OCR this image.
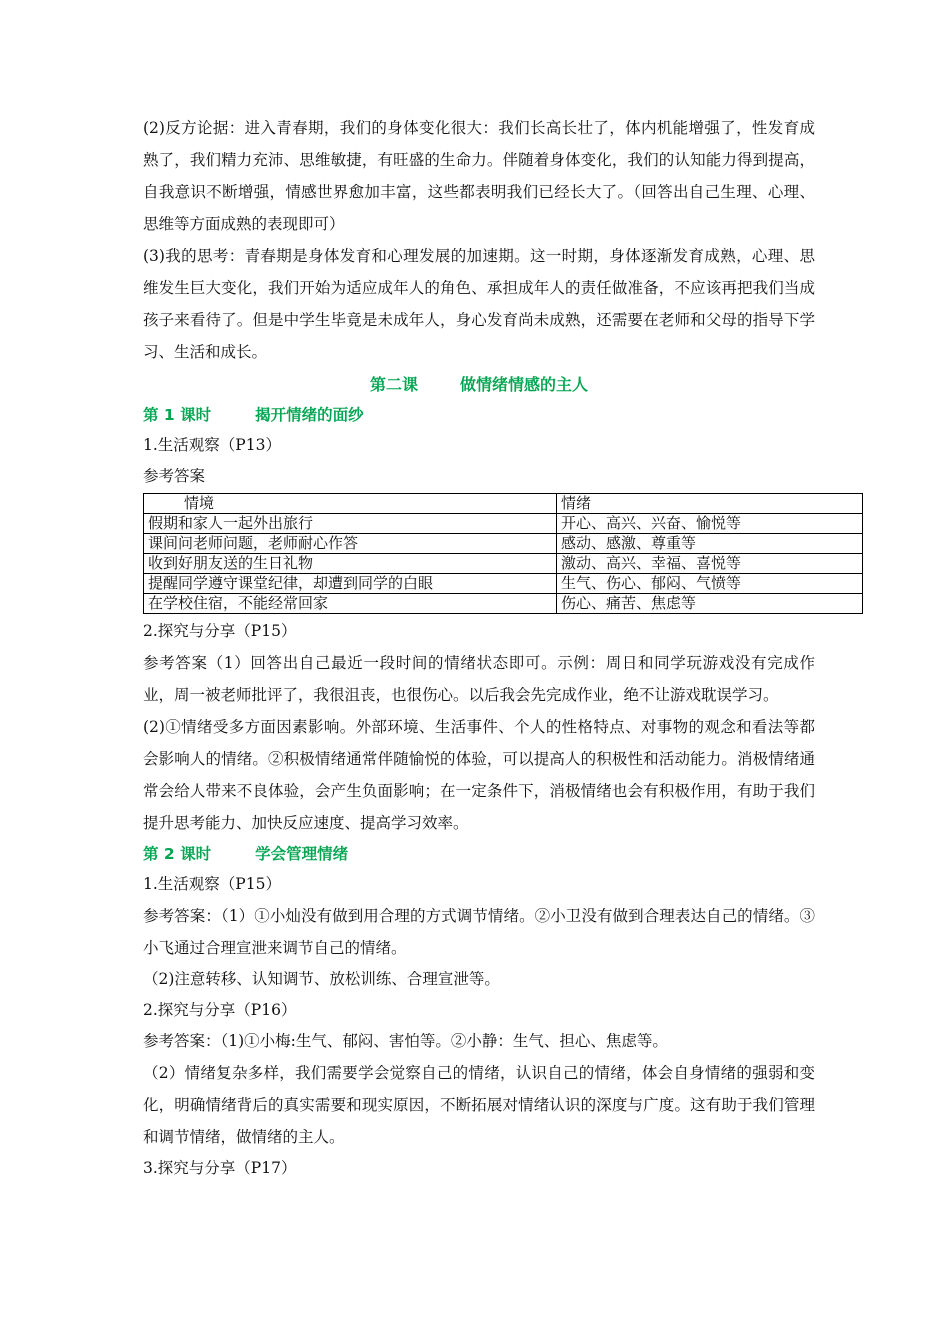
(2)反方论据：进入青春期，我们的身体变化很大：我们长高长壮了，体内机能增强了，性发育成熟了，我们精力充沛、思维敏捷，有旺盛的生命力。伴随着身体变化，我们的认知能力得到提高，自我意识不断增强，情感世界愈加丰富，这些都表明我们已经长大了。（回答出自己生理、心理、思维等方面成熟的表现即可）

(3)我的思考：青春期是身体发育和心理发展的加速期。这一时期，身体逐渐发育成熟，心理、思维发生巨大变化，我们开始为适应成年人的角色、承担成年人的责任做准备，不应该再把我们当成孩子来看待了。但是中学生毕竟是未成年人，身心发育尚未成熟，还需要在老师和父母的指导下学习、生活和成长。

第二课	做情绪情感的主人

第 1 课时	揭开情绪的面纱

1.生活观察（P13）

参考答案

情境	情绪
假期和家人一起外出旅行	开心、高兴、兴奋、愉悦等
课间问老师问题，老师耐心作答	感动、感激、尊重等
收到好朋友送的生日礼物	激动、高兴、幸福、喜悦等
提醒同学遵守课堂纪律，却遭到同学的白眼	生气、伤心、郁闷、气愤等
在学校住宿，不能经常回家	伤心、痛苦、焦虑等

2.探究与分享（P15）

参考答案（1）回答出自己最近一段时间的情绪状态即可。示例：周日和同学玩游戏没有完成作业，周一被老师批评了，我很沮丧，也很伤心。以后我会先完成作业，绝不让游戏耽误学习。

(2)①情绪受多方面因素影响。外部环境、生活事件、个人的性格特点、对事物的观念和看法等都会影响人的情绪。②积极情绪通常伴随愉悦的体验，可以提高人的积极性和活动能力。消极情绪通常会给人带来不良体验，会产生负面影响；在一定条件下，消极情绪也会有积极作用，有助于我们提升思考能力、加快反应速度、提高学习效率。

第 2 课时	学会管理情绪

1.生活观察（P15）

参考答案：（1）①小灿没有做到用合理的方式调节情绪。②小卫没有做到合理表达自己的情绪。③小飞通过合理宣泄来调节自己的情绪。

（2)注意转移、认知调节、放松训练、合理宣泄等。

2.探究与分享（P16）

参考答案：（1)①小梅:生气、郁闷、害怕等。②小静：生气、担心、焦虑等。

（2）情绪复杂多样，我们需要学会觉察自己的情绪，认识自己的情绪，体会自身情绪的强弱和变化，明确情绪背后的真实需要和现实原因，不断拓展对情绪认识的深度与广度。这有助于我们管理和调节情绪，做情绪的主人。

3.探究与分享（P17）
